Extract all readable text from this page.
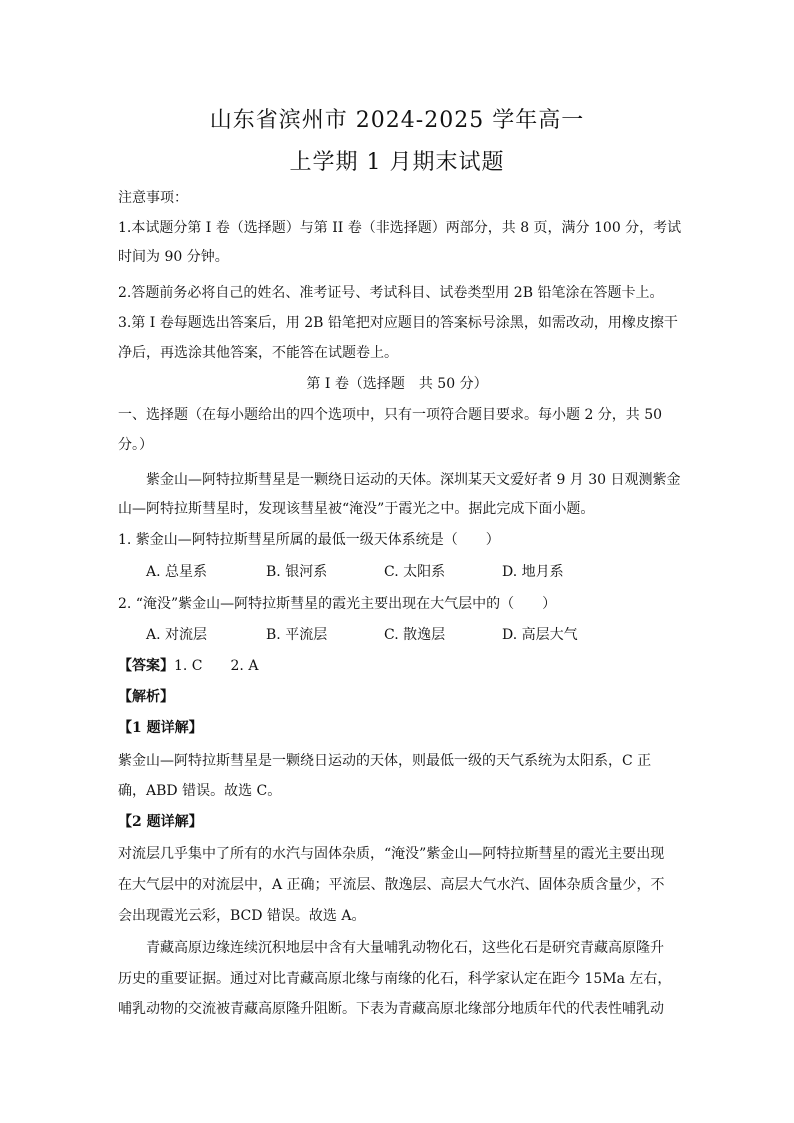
山东省滨州市 2024-2025 学年高一
上学期 1 月期末试题
注意事项：
1.本试题分第 I 卷（选择题）与第 II 卷（非选择题）两部分，共 8 页，满分 100 分，考试
时间为 90 分钟。
2.答题前务必将自己的姓名、准考证号、考试科目、试卷类型用 2B 铅笔涂在答题卡上。
3.第 I 卷每题选出答案后，用 2B 铅笔把对应题目的答案标号涂黑，如需改动，用橡皮擦干
净后，再选涂其他答案，不能答在试题卷上。
第 I 卷（选择题　共 50 分）
一、选择题（在每小题给出的四个选项中，只有一项符合题目要求。每小题 2 分，共 50
分。）
紫金山—阿特拉斯彗星是一颗绕日运动的天体。深圳某天文爱好者 9 月 30 日观测紫金
山—阿特拉斯彗星时，发现该彗星被“淹没”于霞光之中。据此完成下面小题。
1. 紫金山—阿特拉斯彗星所属的最低一级天体系统是（　　）
A. 总星系	B. 银河系	C. 太阳系	D. 地月系
2. “淹没”紫金山—阿特拉斯彗星的霞光主要出现在大气层中的（　　）
A. 对流层	B. 平流层	C. 散逸层	D. 高层大气
【答案】1. C　　2. A
【解析】
【1 题详解】
紫金山—阿特拉斯彗星是一颗绕日运动的天体，则最低一级的天气系统为太阳系，C 正
确，ABD 错误。故选 C。
【2 题详解】
对流层几乎集中了所有的水汽与固体杂质，“淹没”紫金山—阿特拉斯彗星的霞光主要出现
在大气层中的对流层中，A 正确；平流层、散逸层、高层大气水汽、固体杂质含量少，不
会出现霞光云彩，BCD 错误。故选 A。
青藏高原边缘连续沉积地层中含有大量哺乳动物化石，这些化石是研究青藏高原隆升
历史的重要证据。通过对比青藏高原北缘与南缘的化石，科学家认定在距今 15Ma 左右，
哺乳动物的交流被青藏高原隆升阻断。下表为青藏高原北缘部分地质年代的代表性哺乳动
